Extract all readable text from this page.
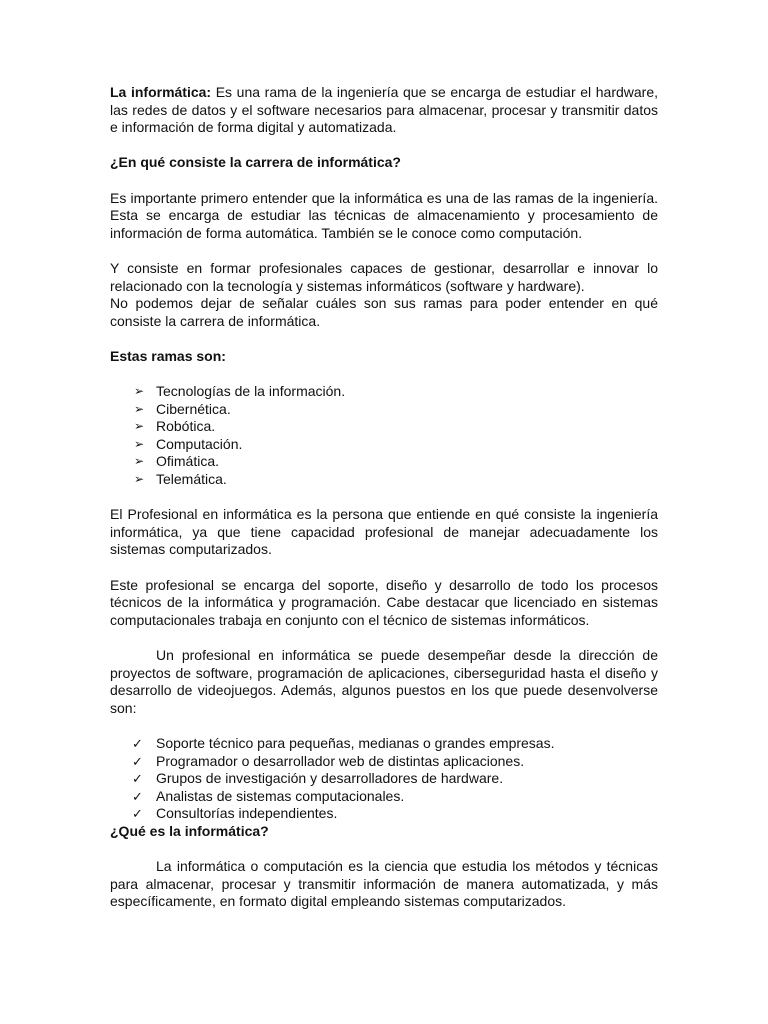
La informática: Es una rama de la ingeniería que se encarga de estudiar el hardware, las redes de datos y el software necesarios para almacenar, procesar y transmitir datos e información de forma digital y automatizada.

¿En qué consiste la carrera de informática?

Es importante primero entender que la informática es una de las ramas de la ingeniería. Esta se encarga de estudiar las técnicas de almacenamiento y procesamiento de información de forma automática. También se le conoce como computación.

Y consiste en formar profesionales capaces de gestionar, desarrollar e innovar lo relacionado con la tecnología y sistemas informáticos (software y hardware).

No podemos dejar de señalar cuáles son sus ramas para poder entender en qué consiste la carrera de informática.

Estas ramas son:

➢ Tecnologías de la información.
➢ Cibernética.
➢ Robótica.
➢ Computación.
➢ Ofimática.
➢ Telemática.

El Profesional en informática es la persona que entiende en qué consiste la ingeniería informática, ya que tiene capacidad profesional de manejar adecuadamente los sistemas computarizados.

Este profesional se encarga del soporte, diseño y desarrollo de todo los procesos técnicos de la informática y programación. Cabe destacar que licenciado en sistemas computacionales trabaja en conjunto con el técnico de sistemas informáticos.

Un profesional en informática se puede desempeñar desde la dirección de proyectos de software, programación de aplicaciones, ciberseguridad hasta el diseño y desarrollo de videojuegos. Además, algunos puestos en los que puede desenvolverse son:

✓ Soporte técnico para pequeñas, medianas o grandes empresas.
✓ Programador o desarrollador web de distintas aplicaciones.
✓ Grupos de investigación y desarrolladores de hardware.
✓ Analistas de sistemas computacionales.
✓ Consultorías independientes.

¿Qué es la informática?

La informática o computación es la ciencia que estudia los métodos y técnicas para almacenar, procesar y transmitir información de manera automatizada, y más específicamente, en formato digital empleando sistemas computarizados.
